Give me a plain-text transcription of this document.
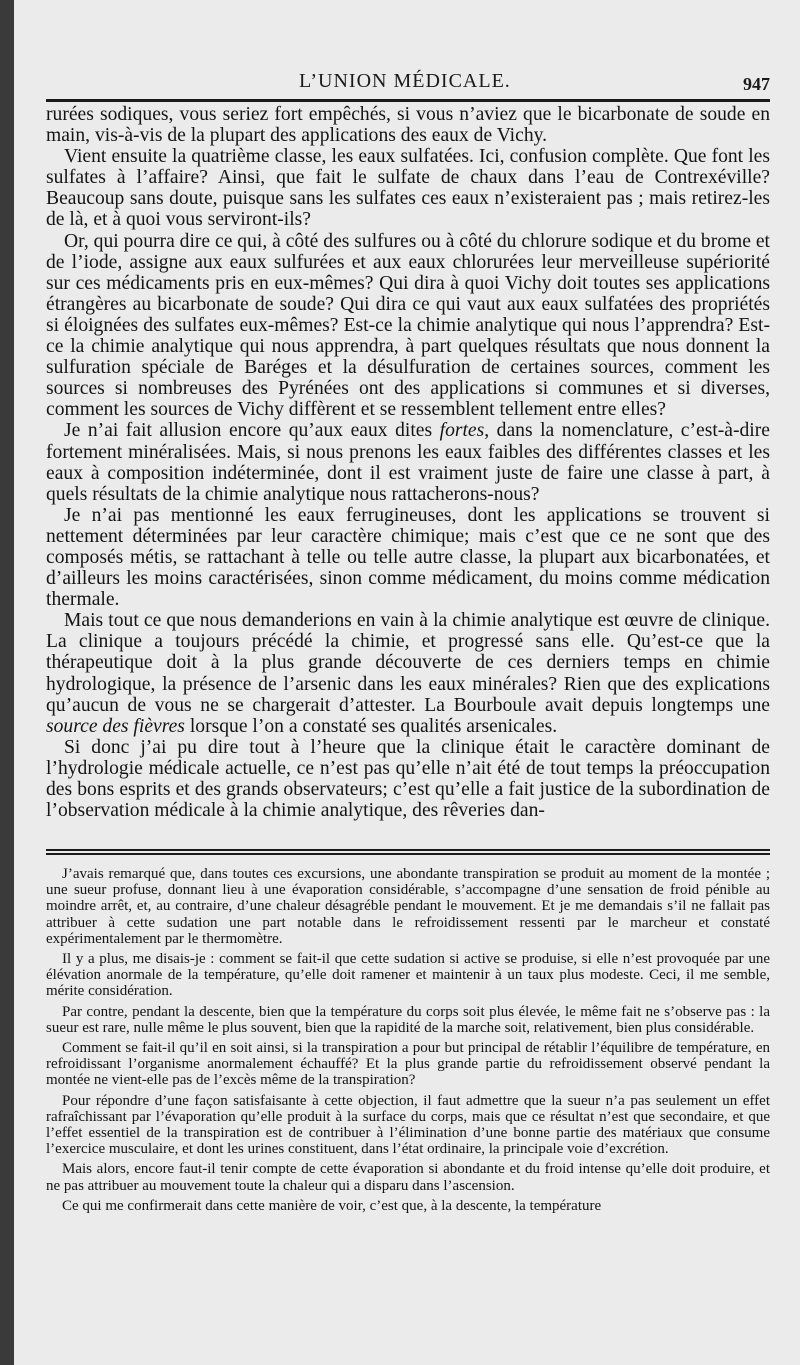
L’UNION MÉDICALE.	947

rurées sodiques, vous seriez fort empêchés, si vous n’aviez que le bicarbonate de soude en main, vis-à-vis de la plupart des applications des eaux de Vichy.

Vient ensuite la quatrième classe, les eaux sulfatées. Ici, confusion complète. Que font les sulfates à l’affaire? Ainsi, que fait le sulfate de chaux dans l’eau de Contrexéville? Beaucoup sans doute, puisque sans les sulfates ces eaux n’existeraient pas ; mais retirez-les de là, et à quoi vous serviront-ils?

Or, qui pourra dire ce qui, à côté des sulfures ou à côté du chlorure sodique et du brome et de l’iode, assigne aux eaux sulfurées et aux eaux chlorurées leur merveilleuse supériorité sur ces médicaments pris en eux-mêmes? Qui dira à quoi Vichy doit toutes ses applications étrangères au bicarbonate de soude? Qui dira ce qui vaut aux eaux sulfatées des propriétés si éloignées des sulfates eux-mêmes? Est-ce la chimie analytique qui nous l’apprendra? Est-ce la chimie analytique qui nous apprendra, à part quelques résultats que nous donnent la sulfuration spéciale de Baréges et la désulfuration de certaines sources, comment les sources si nombreuses des Pyrénées ont des applications si communes et si diverses, comment les sources de Vichy diffèrent et se ressemblent tellement entre elles?

Je n’ai fait allusion encore qu’aux eaux dites fortes, dans la nomenclature, c’est-à-dire fortement minéralisées. Mais, si nous prenons les eaux faibles des différentes classes et les eaux à composition indéterminée, dont il est vraiment juste de faire une classe à part, à quels résultats de la chimie analytique nous rattacherons-nous?

Je n’ai pas mentionné les eaux ferrugineuses, dont les applications se trouvent si nettement déterminées par leur caractère chimique; mais c’est que ce ne sont que des composés métis, se rattachant à telle ou telle autre classe, la plupart aux bicarbonatées, et d’ailleurs les moins caractérisées, sinon comme médicament, du moins comme médication thermale.

Mais tout ce que nous demanderions en vain à la chimie analytique est œuvre de clinique. La clinique a toujours précédé la chimie, et progressé sans elle. Qu’est-ce que la thérapeutique doit à la plus grande découverte de ces derniers temps en chimie hydrologique, la présence de l’arsenic dans les eaux minérales? Rien que des explications qu’aucun de vous ne se chargerait d’attester. La Bourboule avait depuis longtemps une source des fièvres lorsque l’on a constaté ses qualités arsenicales.

Si donc j’ai pu dire tout à l’heure que la clinique était le caractère dominant de l’hydrologie médicale actuelle, ce n’est pas qu’elle n’ait été de tout temps la préoccupation des bons esprits et des grands observateurs; c’est qu’elle a fait justice de la subordination de l’observation médicale à la chimie analytique, des rêveries dan-

J’avais remarqué que, dans toutes ces excursions, une abondante transpiration se produit au moment de la montée ; une sueur profuse, donnant lieu à une évaporation considérable, s’accompagne d’une sensation de froid pénible au moindre arrêt, et, au contraire, d’une chaleur désagréble pendant le mouvement. Et je me demandais s’il ne fallait pas attribuer à cette sudation une part notable dans le refroidissement ressenti par le marcheur et constaté expérimentalement par le thermomètre.

Il y a plus, me disais-je : comment se fait-il que cette sudation si active se produise, si elle n’est provoquée par une élévation anormale de la température, qu’elle doit ramener et maintenir à un taux plus modeste. Ceci, il me semble, mérite considération.

Par contre, pendant la descente, bien que la température du corps soit plus élevée, le même fait ne s’observe pas : la sueur est rare, nulle même le plus souvent, bien que la rapidité de la marche soit, relativement, bien plus considérable.

Comment se fait-il qu’il en soit ainsi, si la transpiration a pour but principal de rétablir l’équilibre de température, en refroidissant l’organisme anormalement échauffé? Et la plus grande partie du refroidissement observé pendant la montée ne vient-elle pas de l’excès même de la transpiration?

Pour répondre d’une façon satisfaisante à cette objection, il faut admettre que la sueur n’a pas seulement un effet rafraîchissant par l’évaporation qu’elle produit à la surface du corps, mais que ce résultat n’est que secondaire, et que l’effet essentiel de la transpiration est de contribuer à l’élimination d’une bonne partie des matériaux que consume l’exercice musculaire, et dont les urines constituent, dans l’état ordinaire, la principale voie d’excrétion.

Mais alors, encore faut-il tenir compte de cette évaporation si abondante et du froid intense qu’elle doit produire, et ne pas attribuer au mouvement toute la chaleur qui a disparu dans l’ascension.

Ce qui me confirmerait dans cette manière de voir, c’est que, à la descente, la température
